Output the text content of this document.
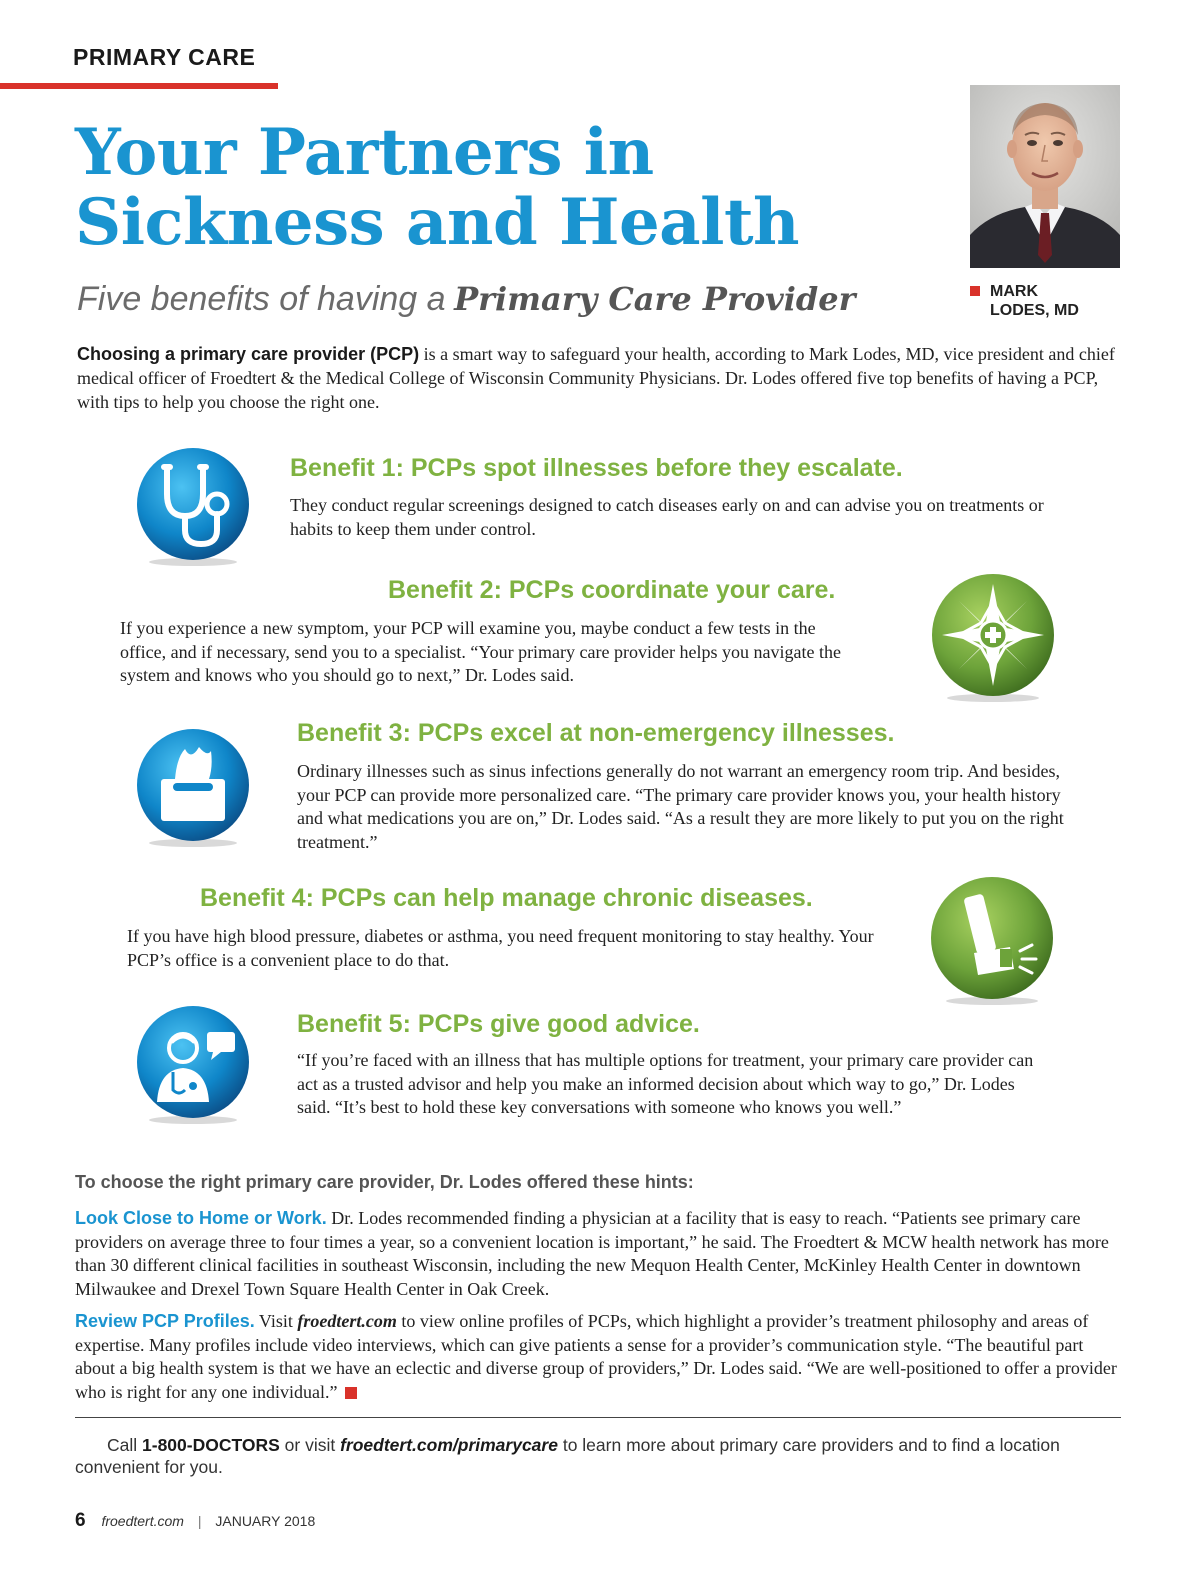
PRIMARY CARE
Your Partners in
Sickness and Health
Five benefits of having a Primary Care Provider	MARK
LODES, MD
Choosing a primary care provider (PCP) is a smart way to safeguard your health, according to Mark Lodes, MD, vice president and chief medical officer of Froedtert & the Medical College of Wisconsin Community Physicians. Dr. Lodes offered five top benefits of having a PCP, with tips to help you choose the right one.
Benefit 1: PCPs spot illnesses before they escalate.
They conduct regular screenings designed to catch diseases early on and can advise you on treatments or habits to keep them under control.
Benefit 2: PCPs coordinate your care.
If you experience a new symptom, your PCP will examine you, maybe conduct a few tests in the office, and if necessary, send you to a specialist. “Your primary care provider helps you navigate the system and knows who you should go to next,” Dr. Lodes said.
Benefit 3: PCPs excel at non-emergency illnesses.
Ordinary illnesses such as sinus infections generally do not warrant an emergency room trip. And besides, your PCP can provide more personalized care. “The primary care provider knows you, your health history and what medications you are on,” Dr. Lodes said. “As a result they are more likely to put you on the right treatment.”
Benefit 4: PCPs can help manage chronic diseases.
If you have high blood pressure, diabetes or asthma, you need frequent monitoring to stay healthy. Your PCP’s office is a convenient place to do that.
Benefit 5: PCPs give good advice.
“If you’re faced with an illness that has multiple options for treatment, your primary care provider can act as a trusted advisor and help you make an informed decision about which way to go,” Dr. Lodes said. “It’s best to hold these key conversations with someone who knows you well.”
To choose the right primary care provider, Dr. Lodes offered these hints:
Look Close to Home or Work. Dr. Lodes recommended finding a physician at a facility that is easy to reach. “Patients see primary care providers on average three to four times a year, so a convenient location is important,” he said. The Froedtert & MCW health network has more than 30 different clinical facilities in southeast Wisconsin, including the new Mequon Health Center, McKinley Health Center in downtown Milwaukee and Drexel Town Square Health Center in Oak Creek.
Review PCP Profiles. Visit froedtert.com to view online profiles of PCPs, which highlight a provider’s treatment philosophy and areas of expertise. Many profiles include video interviews, which can give patients a sense for a provider’s communication style. “The beautiful part about a big health system is that we have an eclectic and diverse group of providers,” Dr. Lodes said. “We are well-positioned to offer a provider who is right for any one individual.”
Call 1-800-DOCTORS or visit froedtert.com/primarycare to learn more about primary care providers and to find a location convenient for you.
6 froedtert.com | JANUARY 2018
